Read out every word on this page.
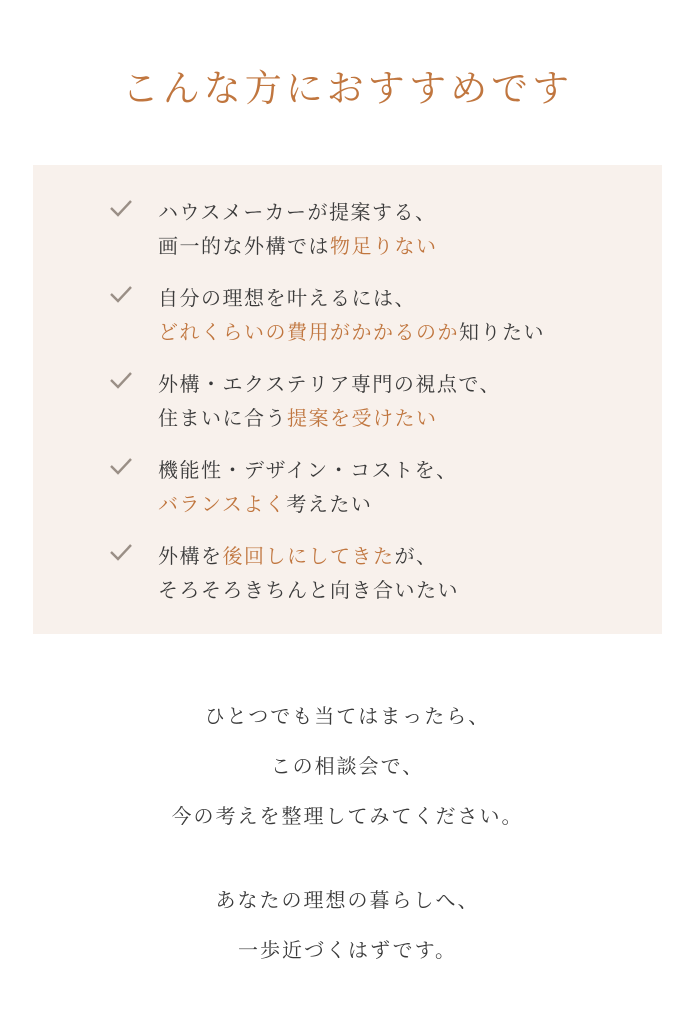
こんな方におすすめです
ハウスメーカーが提案する、
画一的な外構では物足りない
自分の理想を叶えるには、
どれくらいの費用がかかるのか知りたい
外構・エクステリア専門の視点で、
住まいに合う提案を受けたい
機能性・デザイン・コストを、
バランスよく考えたい
外構を後回しにしてきたが、
そろそろきちんと向き合いたい

ひとつでも当てはまったら、

この相談会で、

今の考えを整理してみてください。

あなたの理想の暮らしへ、

一歩近づくはずです。
